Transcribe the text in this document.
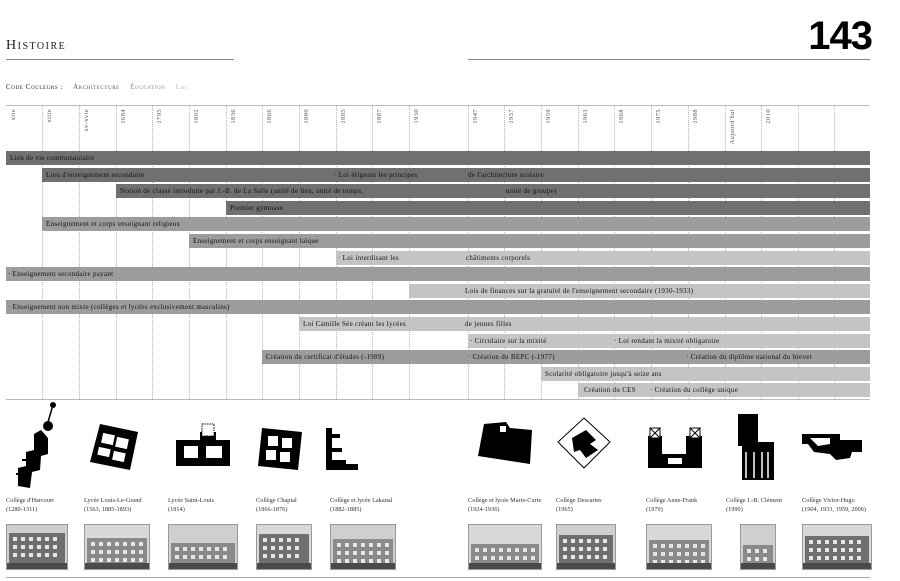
Histoire	143
Code Couleurs : Architecture Éducation Loi
xiie	xiiie	xv-xvie	1684	1795	1802	1836	1866	1880	1885	1887	1930	1947	1957	1959	1963	1968	1975	1988	Aujourd'hui	2010
Lieu de vie communautaire
Lieu d'enseignement secondaire	· Loi érigeant les principes	de l'architecture scolaire
Notion de classe introduite par J.-B. de La Salle (unité de lieu, unité de temps,	unité de groupe)
Premier gymnase
Enseignement et corps enseignant religieux
Enseignement et corps enseignant laïque
· Loi interdisant les	châtiments corporels
· Enseignement secondaire payant
Lois de finances sur la gratuité de l'enseignement secondaire (1930-1933)
· Enseignement non mixte (collèges et lycées exclusivement masculins)
Loi Camille Sée créant les lycées	de jeunes filles
· Circulaire sur la mixité	· Loi rendant la mixité obligatoire
Création du certificat d'études (-1989)	· Création du BEPC (-1977)	· Création du diplôme national du brevet
Scolarité obligatoire jusqu'à seize ans
Création du CES · Création du collège unique
Collège d'Harcourt
(1280-1311)
Lycée Louis-Le-Grand
(1563, 1885-1893)
Lycée Saint-Louis
(1814)
Collège Chaptal
(1866-1876)
Collège et lycée Lakanal
(1882-1885)
Collège et lycée Marie-Curie
(1924-1936)
Collège Descartes
(1965)
Collège Anne-Frank
(1979)
Collège J.-B. Clément
(1999)
Collège Victor-Hugo
(1904, 1933, 1959, 2006)
